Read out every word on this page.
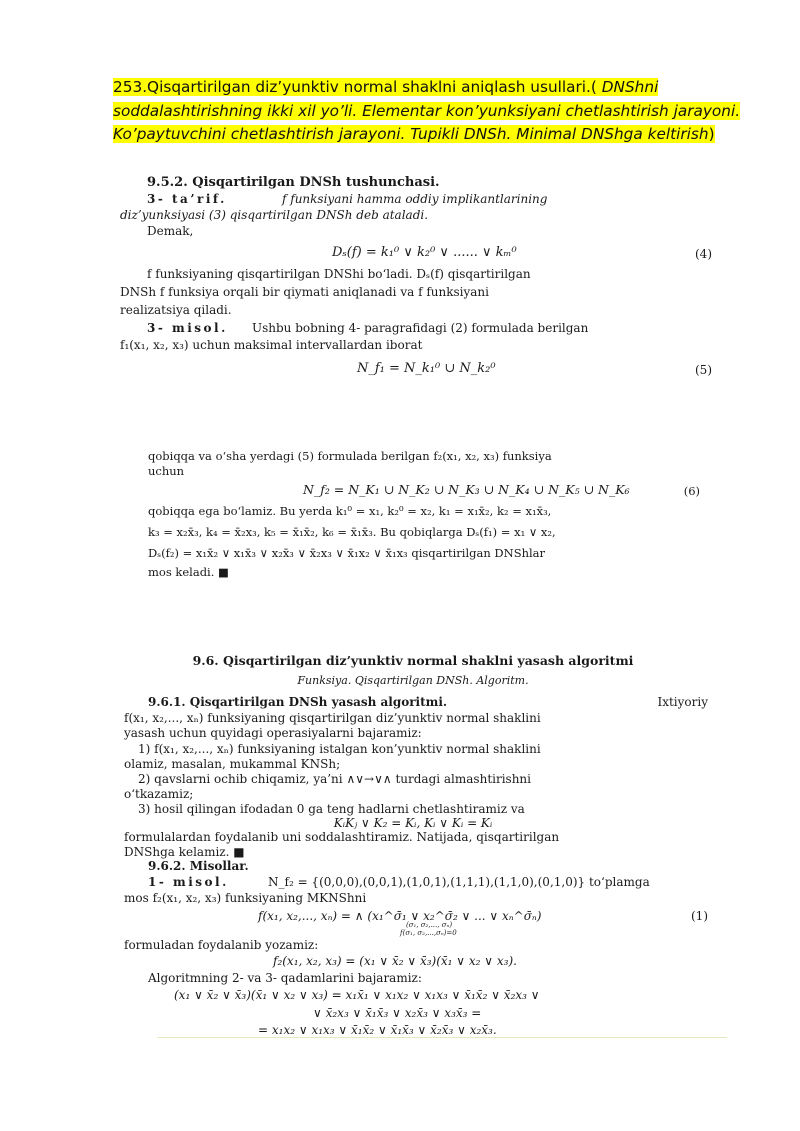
253.Qisqartirilgan diz’yunktiv normal shaklni aniqlash usullari.( DNShni soddalashtirishning ikki xil yo’li. Elementar kon’yunksiyani chetlashtirish jarayoni. Ko’paytuvchini chetlashtirish jarayoni. Tupikli DNSh. Minimal DNShga keltirish)
9.5.2. Qisqartirilgan DNSh tushunchasi.
3- ta’rif.	f funksiyani hamma oddiy implikantlarining
diz’yunksiyasi (3) qisqartirilgan DNSh deb ataladi.
Demak,
Dₛ(f) = k₁⁰ ∨ k₂⁰ ∨ ...... ∨ kₘ⁰	(4)
f funksiyaning qisqartirilgan DNShi bo‘ladi. Dₛ(f) qisqartirilgan
DNSh f funksiya orqali bir qiymati aniqlanadi va f funksiyani
realizatsiya qiladi.
3- misol. Ushbu bobning 4- paragrafidagi (2) formulada berilgan
f₁(x₁, x₂, x₃) uchun maksimal intervallardan iborat
N_f₁ = N_k₁⁰ ∪ N_k₂⁰	(5)
qobiqqa va o‘sha yerdagi (5) formulada berilgan f₂(x₁, x₂, x₃) funksiya
uchun
N_f₂ = N_K₁ ∪ N_K₂ ∪ N_K₃ ∪ N_K₄ ∪ N_K₅ ∪ N_K₆	(6)
qobiqqa ega bo‘lamiz. Bu yerda k₁⁰ = x₁, k₂⁰ = x₂, k₁ = x₁x̄₂, k₂ = x₁x̄₃,
k₃ = x₂x̄₃, k₄ = x̄₂x₃, k₅ = x̄₁x̄₂, k₆ = x̄₁x̄₃. Bu qobiqlarga Dₛ(f₁) = x₁ ∨ x₂,
Dₛ(f₂) = x₁x̄₂ ∨ x₁x̄₃ ∨ x₂x̄₃ ∨ x̄₂x₃ ∨ x̄₁x₂ ∨ x̄₁x₃ qisqartirilgan DNShlar
mos keladi. ■
9.6. Qisqartirilgan diz’yunktiv normal shaklni yasash algoritmi
Funksiya. Qisqartirilgan DNSh. Algoritm.
9.6.1. Qisqartirilgan DNSh yasash algoritmi.	Ixtiyoriy
f(x₁, x₂,..., xₙ) funksiyaning qisqartirilgan diz’yunktiv normal shaklini
yasash uchun quyidagi operasiyalarni bajaramiz:
1) f(x₁, x₂,..., xₙ) funksiyaning istalgan kon’yunktiv normal shaklini
olamiz, masalan, mukammal KNSh;
2) qavslarni ochib chiqamiz, ya’ni ∧∨→∨∧ turdagi almashtirishni
o‘tkazamiz;
3) hosil qilingan ifodadan 0 ga teng hadlarni chetlashtiramiz va
KᵢKⱼ ∨ K₂ = Kᵢ, Kᵢ ∨ Kᵢ = Kᵢ
formulalardan foydalanib uni soddalashtiramiz. Natijada, qisqartirilgan
DNShga kelamiz. ■
9.6.2. Misollar.
1- misol.	N_f₂ = {(0,0,0),(0,0,1),(1,0,1),(1,1,1),(1,1,0),(0,1,0)} to‘plamga
mos f₂(x₁, x₂, x₃) funksiyaning MKNShni
f(x₁, x₂,..., xₙ) = ∧ (x₁^σ̄₁ ∨ x₂^σ̄₂ ∨ ... ∨ xₙ^σ̄ₙ)
(σ₁, σ₂,..., σₙ)
f(σ₁, σ₂,...,σₙ)=0
(1)
formuladan foydalanib yozamiz:
f₂(x₁, x₂, x₃) = (x₁ ∨ x̄₂ ∨ x̄₃)(x̄₁ ∨ x₂ ∨ x₃).
Algoritmning 2- va 3- qadamlarini bajaramiz:
(x₁ ∨ x̄₂ ∨ x̄₃)(x̄₁ ∨ x₂ ∨ x₃) = x₁x̄₁ ∨ x₁x₂ ∨ x₁x₃ ∨ x̄₁x̄₂ ∨ x̄₂x₃ ∨
∨ x̄₂x₃ ∨ x̄₁x̄₃ ∨ x₂x̄₃ ∨ x₃x̄₃ =
= x₁x₂ ∨ x₁x₃ ∨ x̄₁x̄₂ ∨ x̄₁x̄₃ ∨ x̄₂x̄₃ ∨ x₂x̄₃.
